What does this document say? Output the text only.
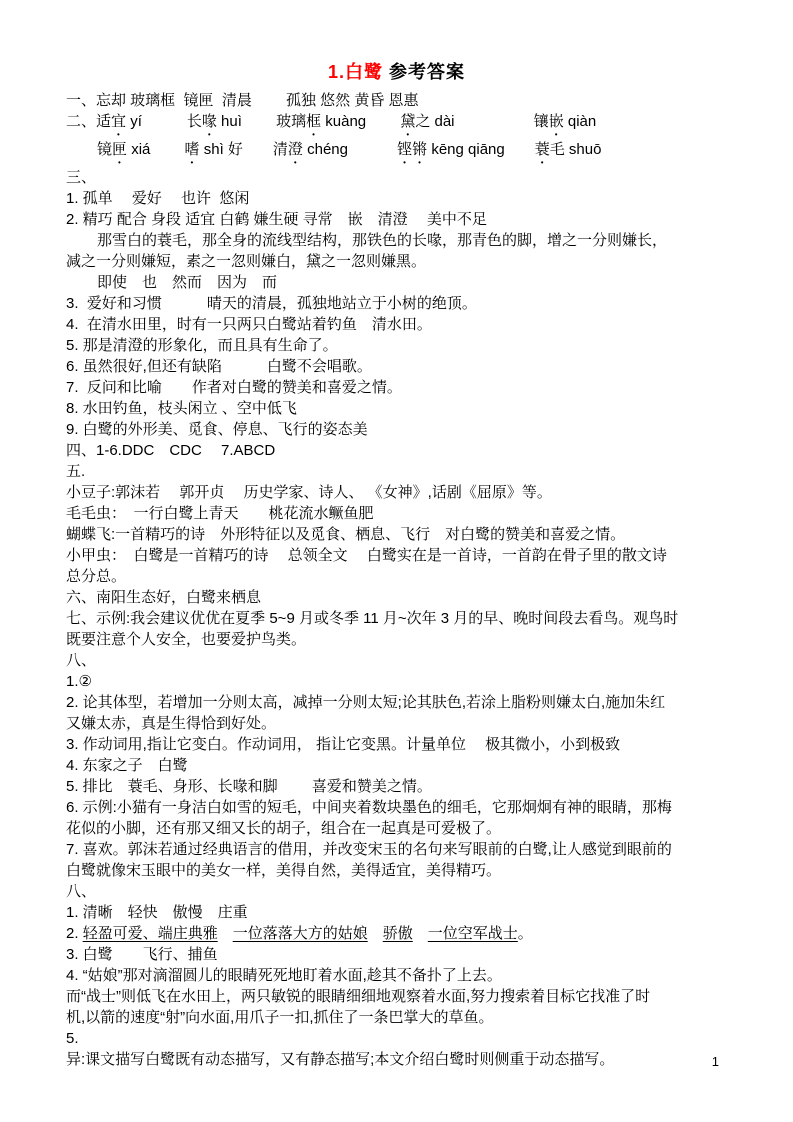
1.白鹭 参考答案
一、忘却 玻璃框  镜匣  清晨　　 孤独 悠然 黄昏 恩惠
二、适宜 yí　　　长喙 huì　　 玻璃框 kuàng　　 黛之 dài　　　　　 镶嵌 qiàn
镜匣 xiá　　 嗜 shì 好　　清澄 chéng　　　 铿锵 kēng qiāng　　蓑毛 shuō
三、
1. 孤单　 爱好　 也许  悠闲
2. 精巧 配合 身段 适宜 白鹤 嫌生硬 寻常　嵌　清澄　 美中不足
那雪白的蓑毛，那全身的流线型结构，那铁色的长喙，那青色的脚，增之一分则嫌长，
减之一分则嫌短，素之一忽则嫌白，黛之一忽则嫌黑。
即使　也　然而　因为　而
3.  爱好和习惯　　　晴天的清晨，孤独地站立于小树的绝顶。
4.  在清水田里，时有一只两只白鹭站着钓鱼　清水田。
5. 那是清澄的形象化，而且具有生命了。
6. 虽然很好,但还有缺陷　　　白鹭不会唱歌。
7.  反问和比喻　　作者对白鹭的赞美和喜爱之情。
8. 水田钓鱼，枝头闲立 、空中低飞
9. 白鹭的外形美、觅食、停息、飞行的姿态美
四、1-6.DDC　CDC　 7.ABCD
五.
小豆子:郭沫若　 郭开贞　 历史学家、诗人、 《女神》,话剧《屈原》等。
毛毛虫：　一行白鹭上青天　　桃花流水鳜鱼肥
蝴蝶飞:一首精巧的诗　外形特征以及觅食、栖息、飞行　对白鹭的赞美和喜爱之情。
小甲虫：　白鹭是一首精巧的诗　 总领全文　 白鹭实在是一首诗，一首韵在骨子里的散文诗
总分总。
六、南阳生态好，白鹭来栖息
七、示例:我会建议优优在夏季 5~9 月或冬季 11 月~次年 3 月的早、晚时间段去看鸟。观鸟时
既要注意个人安全，也要爱护鸟类。
八、
1.②
2. 论其体型，若增加一分则太高，减掉一分则太短;论其肤色,若涂上脂粉则嫌太白,施加朱红
又嫌太赤，真是生得恰到好处。
3. 作动词用,指让它变白。作动词用， 指让它变黑。计量单位　 极其微小，小到极致
4. 东家之子　白鹭
5. 排比　蓑毛、身形、长喙和脚　　 喜爱和赞美之情。
6. 示例:小猫有一身洁白如雪的短毛，中间夹着数块墨色的细毛，它那炯炯有神的眼睛，那梅
花似的小脚，还有那又细又长的胡子，组合在一起真是可爱极了。
7. 喜欢。郭沫若通过经典语言的借用，并改变宋玉的名句来写眼前的白鹭,让人感觉到眼前的
白鹭就像宋玉眼中的美女一样，美得自然，美得适宜，美得精巧。
八、
1. 清晰　轻快　傲慢　庄重
2. 轻盈可爱、端庄典雅　 一位落落大方的姑娘　 骄傲　 一位空军战士。
3. 白鹭　　飞行、捕鱼
4. “姑娘”那对滴溜圆儿的眼睛死死地盯着水面,趁其不备扑了上去。
而“战士”则低飞在水田上，两只敏锐的眼睛细细地观察着水面,努力搜索着目标它找准了时
机,以箭的速度“射”向水面,用爪子一扣,抓住了一条巴掌大的草鱼。
5.
异:课文描写白鹭既有动态描写，又有静态描写;本文介绍白鹭时则侧重于动态描写。	1
